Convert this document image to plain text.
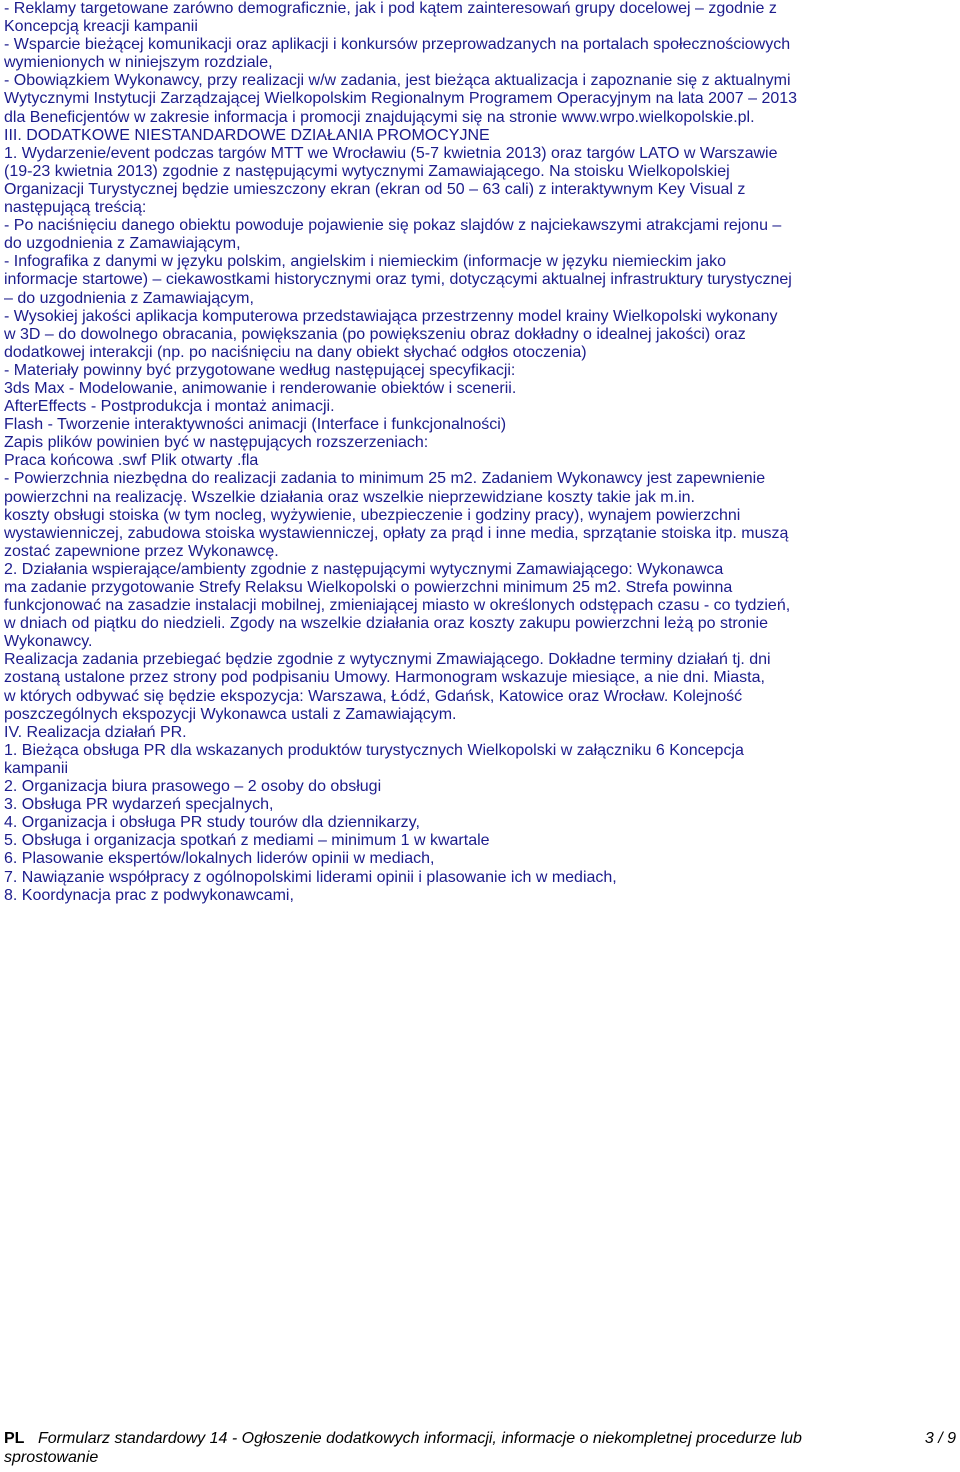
- Reklamy targetowane zarówno demograficznie, jak i pod kątem zainteresowań grupy docelowej – zgodnie z
Koncepcją kreacji kampanii
- Wsparcie bieżącej komunikacji oraz aplikacji i konkursów przeprowadzanych na portalach społecznościowych
wymienionych w niniejszym rozdziale,
- Obowiązkiem Wykonawcy, przy realizacji w/w zadania, jest bieżąca aktualizacja i zapoznanie się z aktualnymi
Wytycznymi Instytucji Zarządzającej Wielkopolskim Regionalnym Programem Operacyjnym na lata 2007 – 2013
dla Beneficjentów w zakresie informacja i promocji znajdującymi się na stronie www.wrpo.wielkopolskie.pl.
III. DODATKOWE NIESTANDARDOWE DZIAŁANIA PROMOCYJNE
1. Wydarzenie/event podczas targów MTT we Wrocławiu (5-7 kwietnia 2013) oraz targów LATO w Warszawie
(19-23 kwietnia 2013) zgodnie z następującymi wytycznymi Zamawiającego. Na stoisku Wielkopolskiej
Organizacji Turystycznej będzie umieszczony ekran (ekran od 50 – 63 cali) z interaktywnym Key Visual z
następującą treścią:
- Po naciśnięciu danego obiektu powoduje pojawienie się pokaz slajdów z najciekawszymi atrakcjami rejonu –
do uzgodnienia z Zamawiającym,
- Infografika z danymi w języku polskim, angielskim i niemieckim (informacje w języku niemieckim jako
informacje startowe) – ciekawostkami historycznymi oraz tymi, dotyczącymi aktualnej infrastruktury turystycznej
– do uzgodnienia z Zamawiającym,
- Wysokiej jakości aplikacja komputerowa przedstawiająca przestrzenny model krainy Wielkopolski wykonany
w 3D – do dowolnego obracania, powiększania (po powiększeniu obraz dokładny o idealnej jakości) oraz
dodatkowej interakcji (np. po naciśnięciu na dany obiekt słychać odgłos otoczenia)
- Materiały powinny być przygotowane według następującej specyfikacji:
3ds Max - Modelowanie, animowanie i renderowanie obiektów i scenerii.
AfterEffects - Postprodukcja i montaż animacji.
Flash - Tworzenie interaktywności animacji (Interface i funkcjonalności)
Zapis plików powinien być w następujących rozszerzeniach:
Praca końcowa .swf Plik otwarty .fla
- Powierzchnia niezbędna do realizacji zadania to minimum 25 m2. Zadaniem Wykonawcy jest zapewnienie
powierzchni na realizację. Wszelkie działania oraz wszelkie nieprzewidziane koszty takie jak m.in.
koszty obsługi stoiska (w tym nocleg, wyżywienie, ubezpieczenie i godziny pracy), wynajem powierzchni
wystawienniczej, zabudowa stoiska wystawienniczej, opłaty za prąd i inne media, sprzątanie stoiska itp. muszą
zostać zapewnione przez Wykonawcę.
2. Działania wspierające/ambienty zgodnie z następującymi wytycznymi Zamawiającego: Wykonawca
ma zadanie przygotowanie Strefy Relaksu Wielkopolski o powierzchni minimum 25 m2. Strefa powinna
funkcjonować na zasadzie instalacji mobilnej, zmieniającej miasto w określonych odstępach czasu - co tydzień,
w dniach od piątku do niedzieli. Zgody na wszelkie działania oraz koszty zakupu powierzchni leżą po stronie
Wykonawcy.
Realizacja zadania przebiegać będzie zgodnie z wytycznymi Zmawiającego. Dokładne terminy działań tj. dni
zostaną ustalone przez strony pod podpisaniu Umowy. Harmonogram wskazuje miesiące, a nie dni. Miasta,
w których odbywać się będzie ekspozycja: Warszawa, Łódź, Gdańsk, Katowice oraz Wrocław. Kolejność
poszczególnych ekspozycji Wykonawca ustali z Zamawiającym.
IV. Realizacja działań PR.
1. Bieżąca obsługa PR dla wskazanych produktów turystycznych Wielkopolski w załączniku 6 Koncepcja
kampanii
2. Organizacja biura prasowego – 2 osoby do obsługi
3. Obsługa PR wydarzeń specjalnych,
4. Organizacja i obsługa PR study tourów dla dziennikarzy,
5. Obsługa i organizacja spotkań z mediami – minimum 1 w kwartale
6. Plasowanie ekspertów/lokalnych liderów opinii w mediach,
7. Nawiązanie współpracy z ogólnopolskimi liderami opinii i plasowanie ich w mediach,
8. Koordynacja prac z podwykonawcami,
PL Formularz standardowy 14 - Ogłoszenie dodatkowych informacji, informacje o niekompletnej procedurze lub
sprostowanie
3 / 9
